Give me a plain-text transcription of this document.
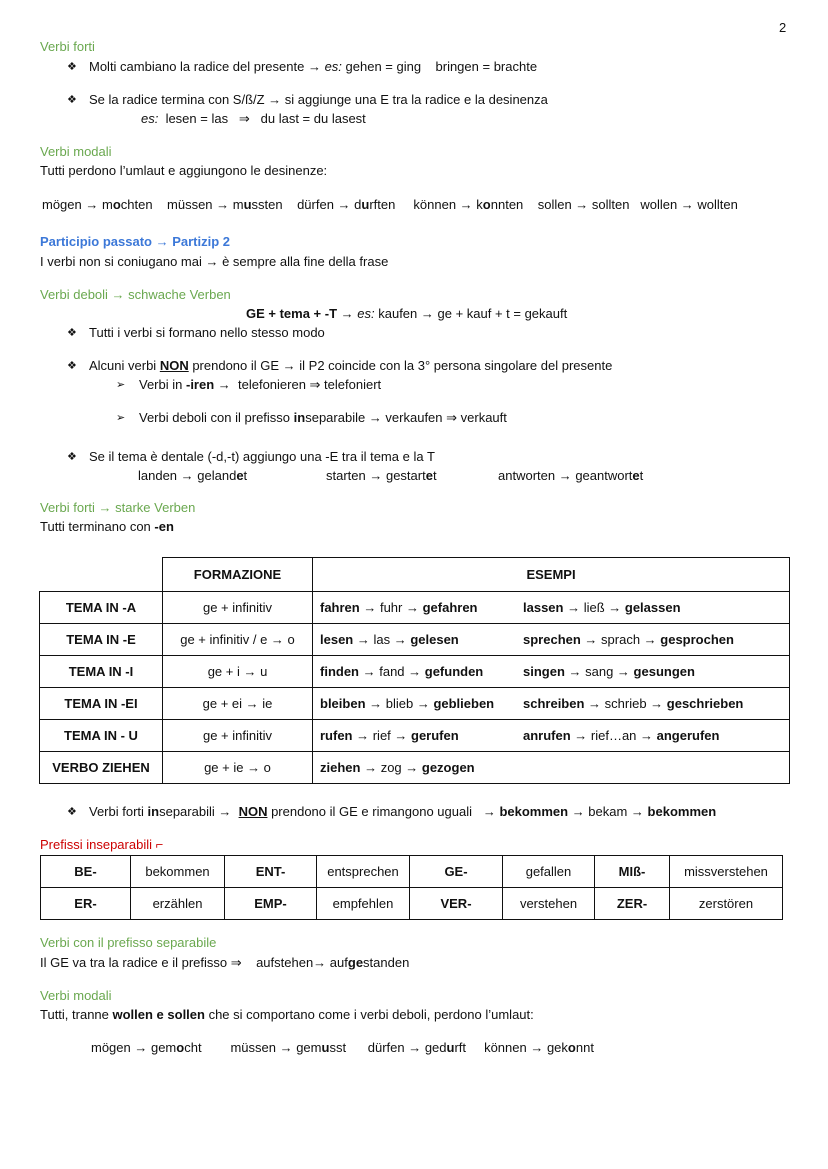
2
Verbi forti
❖ Molti cambiano la radice del presente → es: gehen = ging    bringen = brachte
❖ Se la radice termina con S/ß/Z → si aggiunge una E tra la radice e la desinenza
es:  lesen = las   ⇒   du last = du lasest
Verbi modali
Tutti perdono l’umlaut e aggiungono le desinenze:
mögen → mochten    müssen → mussten    dürfen → durften     können → konnten    sollen → sollten   wollen → wollten
Participio passato → Partizip 2
I verbi non si coniugano mai → è sempre alla fine della frase
Verbi deboli → schwache Verben
GE + tema + -T → es: kaufen → ge + kauf + t = gekauft
❖ Tutti i verbi si formano nello stesso modo
❖ Alcuni verbi NON prendono il GE → il P2 coincide con la 3° persona singolare del presente
➢ Verbi in -iren →  telefonieren ⇒ telefoniert
➢ Verbi deboli con il prefisso inseparabile → verkaufen ⇒ verkauft
❖ Se il tema è dentale (-d,-t) aggiungo una -E tra il tema e la T
landen → gelandet	starten → gestartet	antworten → geantwortet
Verbi forti → starke Verben
Tutti terminano con -en
	FORMAZIONE	ESEMPI
TEMA IN -A	ge + infinitiv	fahren → fuhr → gefahren lassen → ließ → gelassen

TEMA IN -E	ge + infinitiv / e → o	lesen → las → gelesen sprechen → sprach → gesprochen

TEMA IN -I	ge + i → u	finden → fand → gefunden singen → sang → gesungen

TEMA IN -EI	ge + ei → ie	bleiben → blieb → geblieben schreiben → schrieb → geschrieben

TEMA IN - U	ge + infinitiv	rufen → rief → gerufen anrufen → rief…an → angerufen

VERBO ZIEHEN	ge + ie → o	ziehen → zog → gezogen
❖ Verbi forti inseparabili →  NON prendono il GE e rimangono uguali   → bekommen → bekam → bekommen
Prefissi inseparabili ⌐
BE-	bekommen	ENT-	entsprechen	GE-	gefallen	MIß-	missverstehen
ER-	erzählen	EMP-	empfehlen	VER-	verstehen	ZER-	zerstören
Verbi con il prefisso separabile
Il GE va tra la radice e il prefisso ⇒    aufstehen→ aufgestanden
Verbi modali
Tutti, tranne wollen e sollen che si comportano come i verbi deboli, perdono l’umlaut:
mögen → gemocht        müssen → gemusst      dürfen → gedurft     können → gekonnt
